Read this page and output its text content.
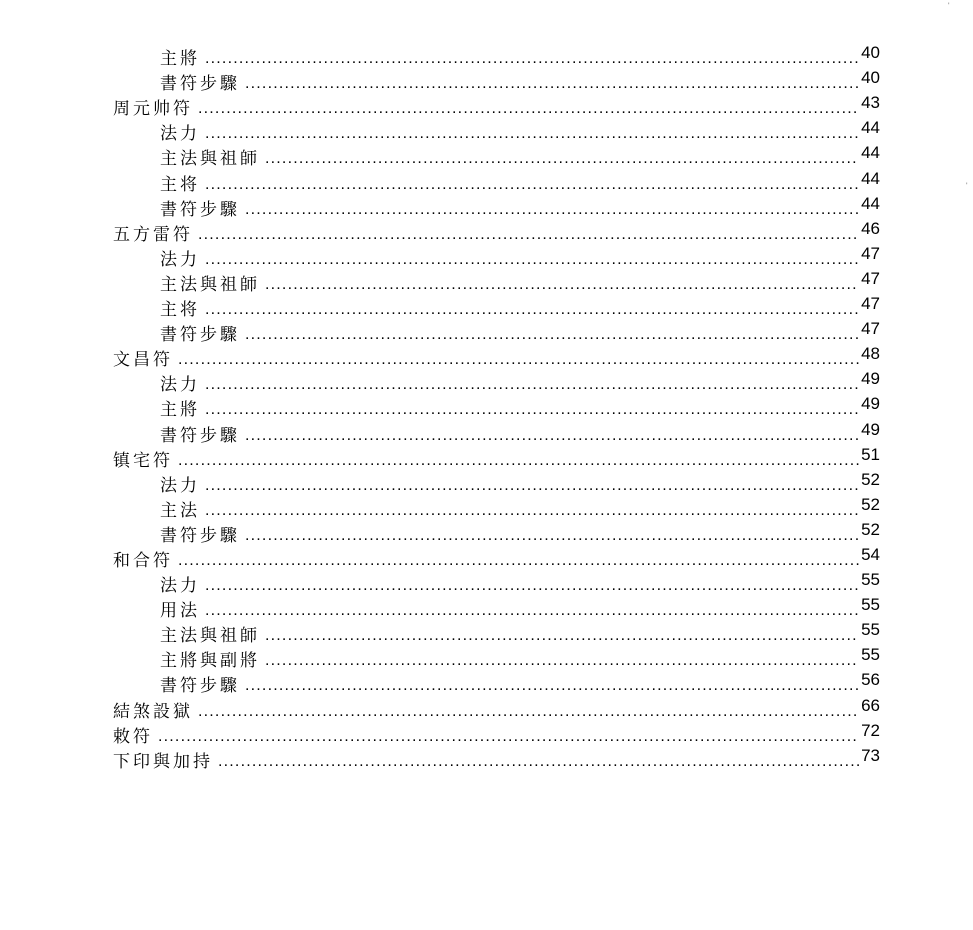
'
'
主將 .....	40
書符步驟 .....	40
周元帅符 .....	43
法力 .....	44
主法與祖師 .....	44
主将 .....	44
書符步驟 .....	44
五方雷符 .....	46
法力 .....	47
主法與祖師 .....	47
主将 .....	47
書符步驟 .....	47
文昌符 .....	48
法力 .....	49
主將 .....	49
書符步驟 .....	49
镇宅符 .....	51
法力 .....	52
主法 .....	52
書符步驟 .....	52
和合符 .....	54
法力 .....	55
用法 .....	55
主法與祖師 .....	55
主將與副將 .....	55
書符步驟 .....	56
結煞設獄 .....	66
敕符 .....	72
下印與加持 .....	73
